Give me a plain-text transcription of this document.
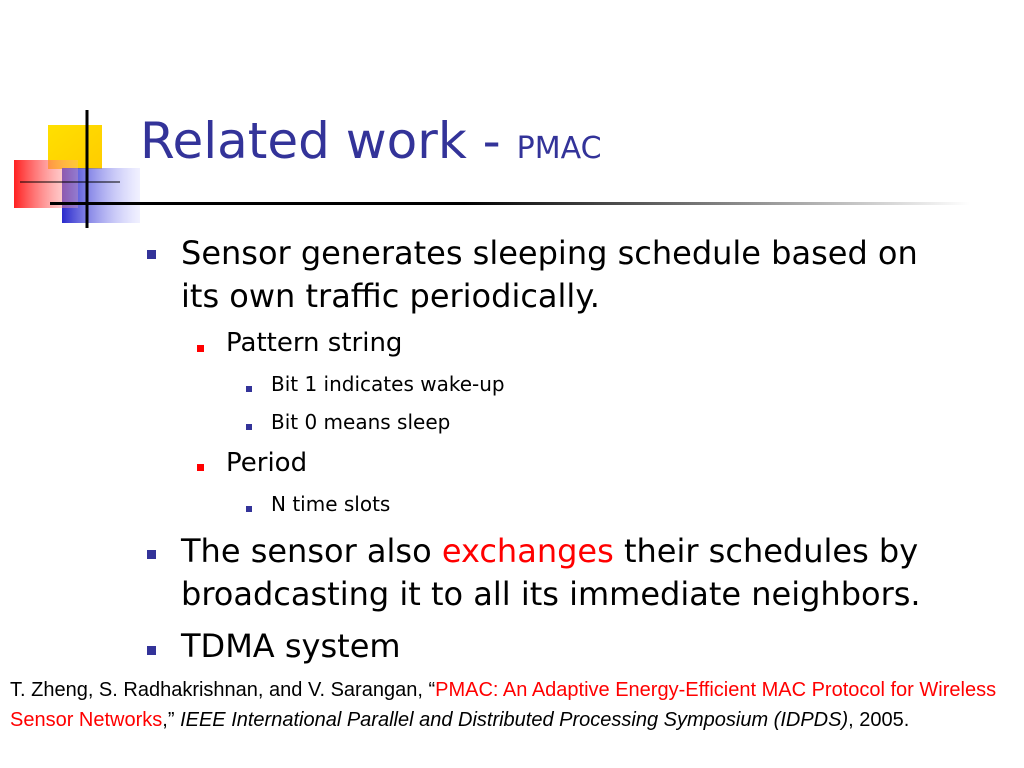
Related work - PMAC
Sensor generates sleeping schedule based on
its own traffic periodically.
Pattern string
Bit 1 indicates wake-up
Bit 0 means sleep
Period
N time slots
The sensor also exchanges their schedules by
broadcasting it to all its immediate neighbors.
TDMA system
T. Zheng, S. Radhakrishnan, and V. Sarangan, “PMAC: An Adaptive Energy-Efficient MAC Protocol for Wireless Sensor Networks,” IEEE International Parallel and Distributed Processing Symposium (IDPDS), 2005.
